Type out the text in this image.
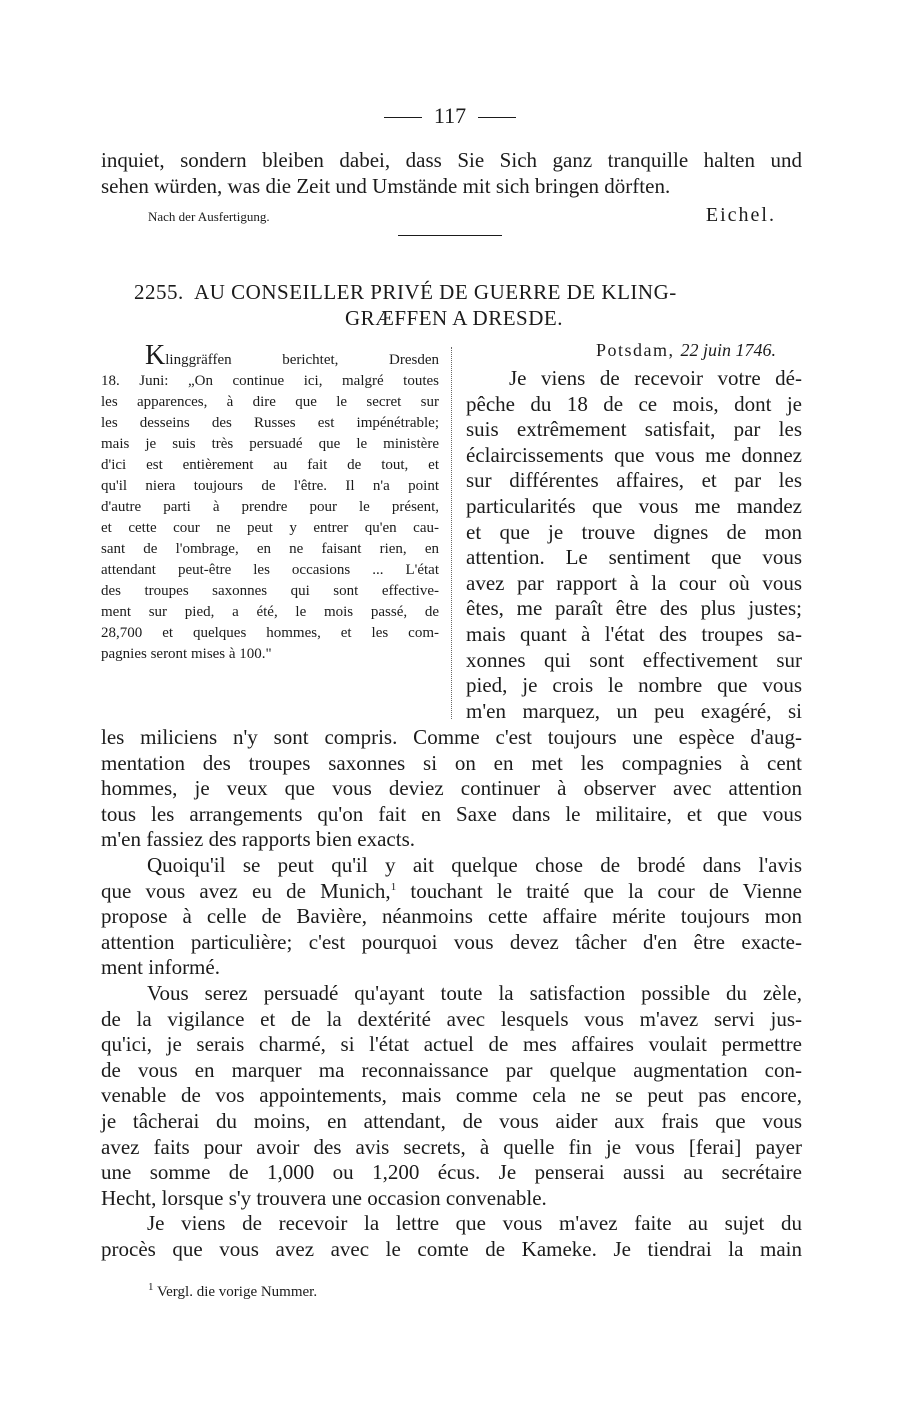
117
inquiet, sondern bleiben dabei, dass Sie Sich ganz tranquille halten und
sehen würden, was die Zeit und Umstände mit sich bringen dörften.
Nach der Ausfertigung.	Eichel.
2255. AU CONSEILLER PRIVÉ DE GUERRE DE KLING-
GRÆFFEN A DRESDE.
Klinggräffen berichtet, Dresden
18. Juni: „On continue ici, malgré toutes
les apparences, à dire que le secret sur
les desseins des Russes est impénétrable;
mais je suis très persuadé que le ministère
d'ici est entièrement au fait de tout, et
qu'il niera toujours de l'être. Il n'a point
d'autre parti à prendre pour le présent,
et cette cour ne peut y entrer qu'en cau-
sant de l'ombrage, en ne faisant rien, en
attendant peut-être les occasions ... L'état
des troupes saxonnes qui sont effective-
ment sur pied, a été, le mois passé, de
28,700 et quelques hommes, et les com-
pagnies seront mises à 100."
Potsdam, 22 juin 1746.
Je viens de recevoir votre dé-
pêche du 18 de ce mois, dont je
suis extrêmement satisfait, par les
éclaircissements que vous me donnez
sur différentes affaires, et par les
particularités que vous me mandez
et que je trouve dignes de mon
attention. Le sentiment que vous
avez par rapport à la cour où vous
êtes, me paraît être des plus justes;
mais quant à l'état des troupes sa-
xonnes qui sont effectivement sur
pied, je crois le nombre que vous
m'en marquez, un peu exagéré, si
les miliciens n'y sont compris. Comme c'est toujours une espèce d'aug-
mentation des troupes saxonnes si on en met les compagnies à cent
hommes, je veux que vous deviez continuer à observer avec attention
tous les arrangements qu'on fait en Saxe dans le militaire, et que vous
m'en fassiez des rapports bien exacts.
Quoiqu'il se peut qu'il y ait quelque chose de brodé dans l'avis
que vous avez eu de Munich,$^1$ touchant le traité que la cour de Vienne
propose à celle de Bavière, néanmoins cette affaire mérite toujours mon
attention particulière; c'est pourquoi vous devez tâcher d'en être exacte-
ment informé.
Vous serez persuadé qu'ayant toute la satisfaction possible du zèle,
de la vigilance et de la dextérité avec lesquels vous m'avez servi jus-
qu'ici, je serais charmé, si l'état actuel de mes affaires voulait permettre
de vous en marquer ma reconnaissance par quelque augmentation con-
venable de vos appointements, mais comme cela ne se peut pas encore,
je tâcherai du moins, en attendant, de vous aider aux frais que vous
avez faits pour avoir des avis secrets, à quelle fin je vous [ferai] payer
une somme de 1,000 ou 1,200 écus. Je penserai aussi au secrétaire
Hecht, lorsque s'y trouvera une occasion convenable.
Je viens de recevoir la lettre que vous m'avez faite au sujet du
procès que vous avez avec le comte de Kameke. Je tiendrai la main
$^1$ Vergl. die vorige Nummer.
